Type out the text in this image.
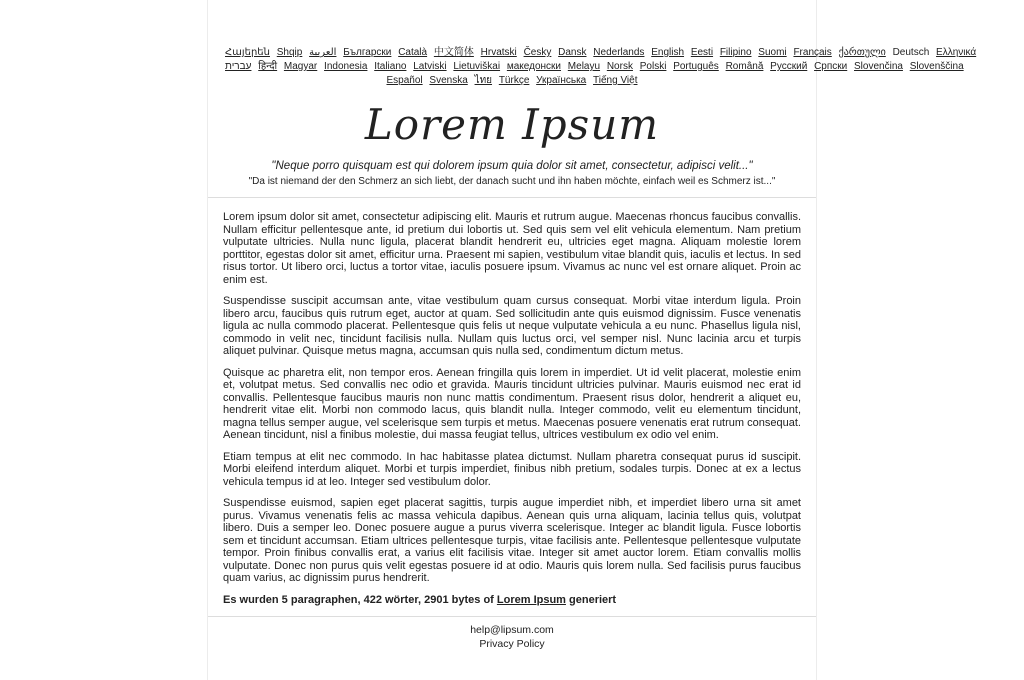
Հայերեն Shqip العربية Български Català 中文简体 Hrvatski Česky Dansk Nederlands English Eesti Filipino Suomi Français ქართული Deutsch Ελληνικά
עברית हिन्दी Magyar Indonesia Italiano Latviski Lietuviškai македонски Melayu Norsk Polski Português Română Русский Српски Slovenčina Slovenščina
Español Svenska ไทย Türkçe Українська Tiếng Việt
Lorem Ipsum
"Neque porro quisquam est qui dolorem ipsum quia dolor sit amet, consectetur, adipisci velit..."
"Da ist niemand der den Schmerz an sich liebt, der danach sucht und ihn haben möchte, einfach weil es Schmerz ist..."

Lorem ipsum dolor sit amet, consectetur adipiscing elit. Mauris et rutrum augue. Maecenas rhoncus faucibus convallis. Nullam efficitur pellentesque ante, id pretium dui lobortis ut. Sed quis sem vel elit vehicula elementum. Nam pretium vulputate ultricies. Nulla nunc ligula, placerat blandit hendrerit eu, ultricies eget magna. Aliquam molestie lorem porttitor, egestas dolor sit amet, efficitur urna. Praesent mi sapien, vestibulum vitae blandit quis, iaculis et lectus. In sed risus tortor. Ut libero orci, luctus a tortor vitae, iaculis posuere ipsum. Vivamus ac nunc vel est ornare aliquet. Proin ac enim est.

Suspendisse suscipit accumsan ante, vitae vestibulum quam cursus consequat. Morbi vitae interdum ligula. Proin libero arcu, faucibus quis rutrum eget, auctor at quam. Sed sollicitudin ante quis euismod dignissim. Fusce venenatis ligula ac nulla commodo placerat. Pellentesque quis felis ut neque vulputate vehicula a eu nunc. Phasellus ligula nisl, commodo in velit nec, tincidunt facilisis nulla. Nullam quis luctus orci, vel semper nisl. Nunc lacinia arcu et turpis aliquet pulvinar. Quisque metus magna, accumsan quis nulla sed, condimentum dictum metus.

Quisque ac pharetra elit, non tempor eros. Aenean fringilla quis lorem in imperdiet. Ut id velit placerat, molestie enim et, volutpat metus. Sed convallis nec odio et gravida. Mauris tincidunt ultricies pulvinar. Mauris euismod nec erat id convallis. Pellentesque faucibus mauris non nunc mattis condimentum. Praesent risus dolor, hendrerit a aliquet eu, hendrerit vitae elit. Morbi non commodo lacus, quis blandit nulla. Integer commodo, velit eu elementum tincidunt, magna tellus semper augue, vel scelerisque sem turpis et metus. Maecenas posuere venenatis erat rutrum consequat. Aenean tincidunt, nisl a finibus molestie, dui massa feugiat tellus, ultrices vestibulum ex odio vel enim.

Etiam tempus at elit nec commodo. In hac habitasse platea dictumst. Nullam pharetra consequat purus id suscipit. Morbi eleifend interdum aliquet. Morbi et turpis imperdiet, finibus nibh pretium, sodales turpis. Donec at ex a lectus vehicula tempus id at leo. Integer sed vestibulum dolor.

Suspendisse euismod, sapien eget placerat sagittis, turpis augue imperdiet nibh, et imperdiet libero urna sit amet purus. Vivamus venenatis felis ac massa vehicula dapibus. Aenean quis urna aliquam, lacinia tellus quis, volutpat libero. Duis a semper leo. Donec posuere augue a purus viverra scelerisque. Integer ac blandit ligula. Fusce lobortis sem et tincidunt accumsan. Etiam ultrices pellentesque turpis, vitae facilisis ante. Pellentesque pellentesque vulputate tempor. Proin finibus convallis erat, a varius elit facilisis vitae. Integer sit amet auctor lorem. Etiam convallis mollis vulputate. Donec non purus quis velit egestas posuere id at odio. Mauris quis lorem nulla. Sed facilisis purus faucibus quam varius, ac dignissim purus hendrerit.

Es wurden 5 paragraphen, 422 wörter, 2901 bytes of Lorem Ipsum generiert
help@lipsum.com
Privacy Policy
